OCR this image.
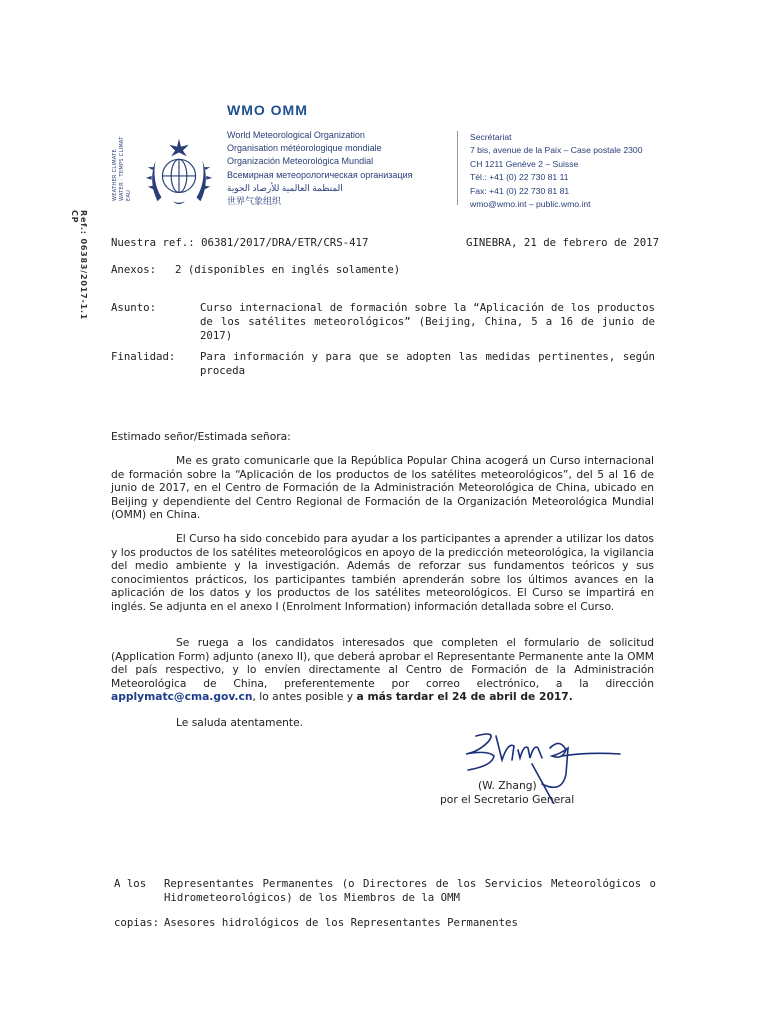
Ref.: 06383/2017-1.1 CP
WEATHER CLIMATE WATER · TEMPS CLIMAT EAU
WMO OMM
World Meteorological Organization
Organisation météorologique mondiale
Organización Meteorológica Mundial
Всемирная метеорологическая организация
المنظمة العالمية للأرصاد الجوية
世界气象组织
Secrétariat
7 bis, avenue de la Paix – Case postale 2300
CH 1211 Genève 2 – Suisse
Tél.: +41 (0) 22 730 81 11
Fax: +41 (0) 22 730 81 81
wmo@wmo.int – public.wmo.int
Nuestra ref.: 06381/2017/DRA/ETR/CRS-417	GINEBRA, 21 de febrero de 2017
Anexos: 2 (disponibles en inglés solamente)
Asunto:	Curso internacional de formación sobre la “Aplicación de los productos de los satélites meteorológicos” (Beijing, China, 5 a 16 de junio de 2017)
Finalidad: Para información y para que se adopten las medidas pertinentes, según proceda
Estimado señor/Estimada señora:
Me es grato comunicarle que la República Popular China acogerá un Curso internacional de formación sobre la “Aplicación de los productos de los satélites meteorológicos”, del 5 al 16 de junio de 2017, en el Centro de Formación de la Administración Meteorológica de China, ubicado en Beijing y dependiente del Centro Regional de Formación de la Organización Meteorológica Mundial (OMM) en China.
El Curso ha sido concebido para ayudar a los participantes a aprender a utilizar los datos y los productos de los satélites meteorológicos en apoyo de la predicción meteorológica, la vigilancia del medio ambiente y la investigación. Además de reforzar sus fundamentos teóricos y sus conocimientos prácticos, los participantes también aprenderán sobre los últimos avances en la aplicación de los datos y los productos de los satélites meteorológicos. El Curso se impartirá en inglés. Se adjunta en el anexo I (Enrolment Information) información detallada sobre el Curso.
Se ruega a los candidatos interesados que completen el formulario de solicitud (Application Form) adjunto (anexo II), que deberá aprobar el Representante Permanente ante la OMM del país respectivo, y lo envíen directamente al Centro de Formación de la Administración Meteorológica de China, preferentemente por correo electrónico, a la dirección applymatc@cma.gov.cn, lo antes posible y a más tardar el 24 de abril de 2017.
Le saluda atentamente.
(W. Zhang)
por el Secretario General
A los Representantes Permanentes (o Directores de los Servicios Meteorológicos o Hidrometeorológicos) de los Miembros de la OMM
copias: Asesores hidrológicos de los Representantes Permanentes
